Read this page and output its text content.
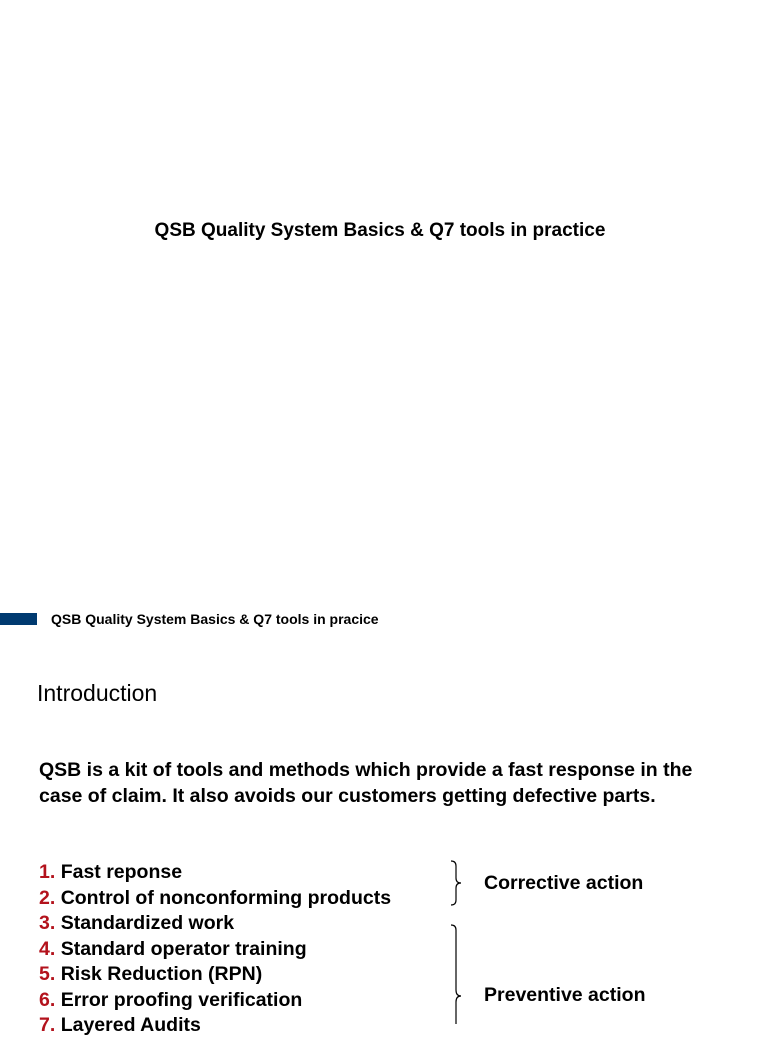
QSB Quality System Basics & Q7 tools in practice
QSB Quality System Basics & Q7 tools in pracice
Introduction
QSB is a kit of tools and methods which provide a fast response in the case of claim. It also avoids our customers getting defective parts.
1. Fast reponse
2. Control of nonconforming products
3. Standardized work
4. Standard operator training
5. Risk Reduction (RPN)
6. Error proofing verification
7. Layered Audits
Corrective action
Preventive action
